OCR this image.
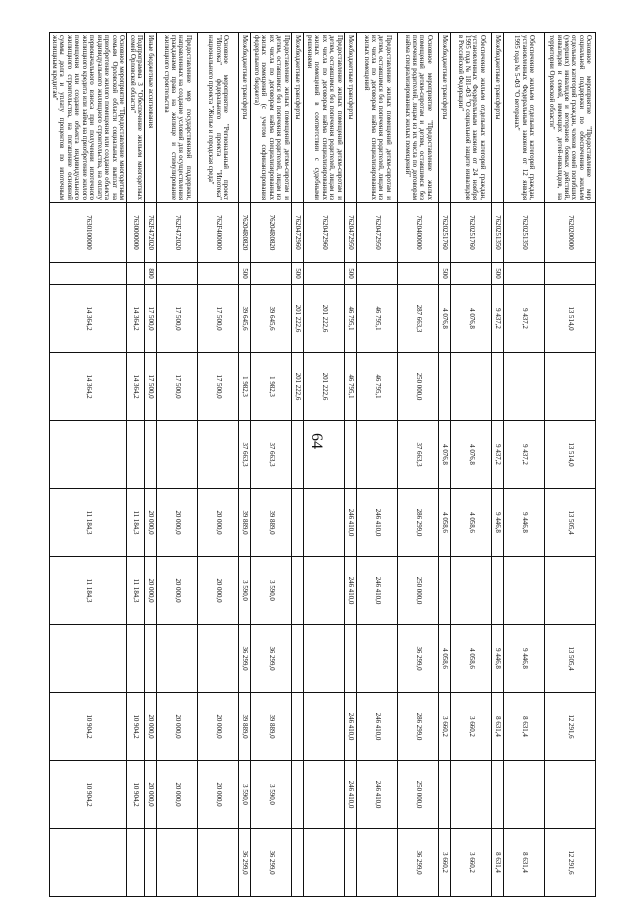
64
Основное мероприятие "Предоставление мер социальной поддержки по обеспечению жильем отдельных категорий граждан, членов семей погибших (умерших) инвалидов и ветеранов боевых действий, инвалидов и семей, имеющих детей-инвалидов, на территории Орловской области"	7620200000		13 514,0		13 514,0	13 505,4		13 505,4	12 291,6		12 291,6
Обеспечение жильем отдельных категорий граждан, установленных Федеральным законом от 12 января 1995 года № 5-ФЗ "О ветеранах"	7620251350		9 437,2		9 437,2	9 446,8		9 446,8	8 631,4		8 631,4
Межбюджетные трансферты	7620251350	500	9 437,2		9 437,2	9 446,8		9 446,8	8 631,4		8 631,4
Обеспечение жильем отдельных категорий граждан, установленных Федеральным законом от 24 ноября 1995 года № 181-ФЗ "О социальной защите инвалидов в Российской Федерации"	7620251760		4 076,8		4 076,8	4 058,6		4 058,6	3 660,2		3 660,2
Межбюджетные трансферты	7620251760	500	4 076,8		4 076,8	4 058,6		4 058,6	3 660,2		3 660,2
Основное мероприятие "Предоставление жилых помещений детям-сиротам и детям, оставшимся без попечения родителей, лицам из их числа по договорам найма специализированных жилых помещений"	7620400000		287 663,3	250 000,0	37 663,3	286 299,0	250 000,0	36 299,0	286 299,0	250 000,0	36 299,0
Предоставление жилых помещений детям-сиротам и детям, оставшимся без попечения родителей, лицам из их числа по договорам найма специализированных жилых помещений	7620472950		46 795,1	46 795,1		246 410,0	246 410,0		246 410,0	246 410,0	
Межбюджетные трансферты	7620472950	500	46 795,1	46 795,1		246 410,0	246 410,0		246 410,0	246 410,0	
Предоставление жилых помещений детям-сиротам и детям, оставшимся без попечения родителей, лицам из их числа по договорам найма специализированных жилых помещений в соответствии с судебными решениями	7620472960		201 222,6	201 222,6							
Межбюджетные трансферты	7620472960	500	201 222,6	201 222,6							
Предоставление жилых помещений детям-сиротам и детям, оставшимся без попечения родителей, лицам из их числа по договорам найма специализированных жилых помещений (с учетом софинансирования федерального бюджета)	76204R0820		39 645,6	1 982,3	37 663,3	39 889,0	3 590,0	36 299,0	39 889,0	3 590,0	36 299,0
Межбюджетные трансферты	76204R0820	500	39 645,6	1 982,3	37 663,3	39 889,0	3 590,0	36 299,0	39 889,0	3 590,0	36 299,0
Основное мероприятие "Региональный проект "Ипотека" федерального проекта "Ипотека" национального проекта "Жилье и городская среда"	762F400000		17 500,0	17 500,0		20 000,0	20 000,0		20 000,0	20 000,0	
Предоставление мер государственной поддержки, направленных на создание условий для осуществления гражданами права на жилище и стимулирование жилищного строительства	762F472020		17 500,0	17 500,0		20 000,0	20 000,0		20 000,0	20 000,0	
Иные бюджетные ассигнования	762F472020	800	17 500,0	17 500,0		20 000,0	20 000,0		20 000,0	20 000,0	
Подпрограмма 3 "Обеспечение жильем многодетных семей Орловской области"	7630000000		14 364,2	14 364,2		11 184,3	11 184,3		10 904,2	10 904,2	
Основное мероприятие "Предоставление многодетным семьям Орловской области социальных выплат на приобретение жилого помещения или создание объекта индивидуального жилищного строительства, на оплату первоначального взноса при получении ипотечного жилищного кредита или займа на приобретение жилого помещения или создание объекта индивидуального жилищного строительства, на погашение основной суммы долга и уплату процентов по ипотечным жилищным кредитам"	7630100000		14 364,2	14 364,2		11 184,3	11 184,3		10 904,2	10 904,2	
